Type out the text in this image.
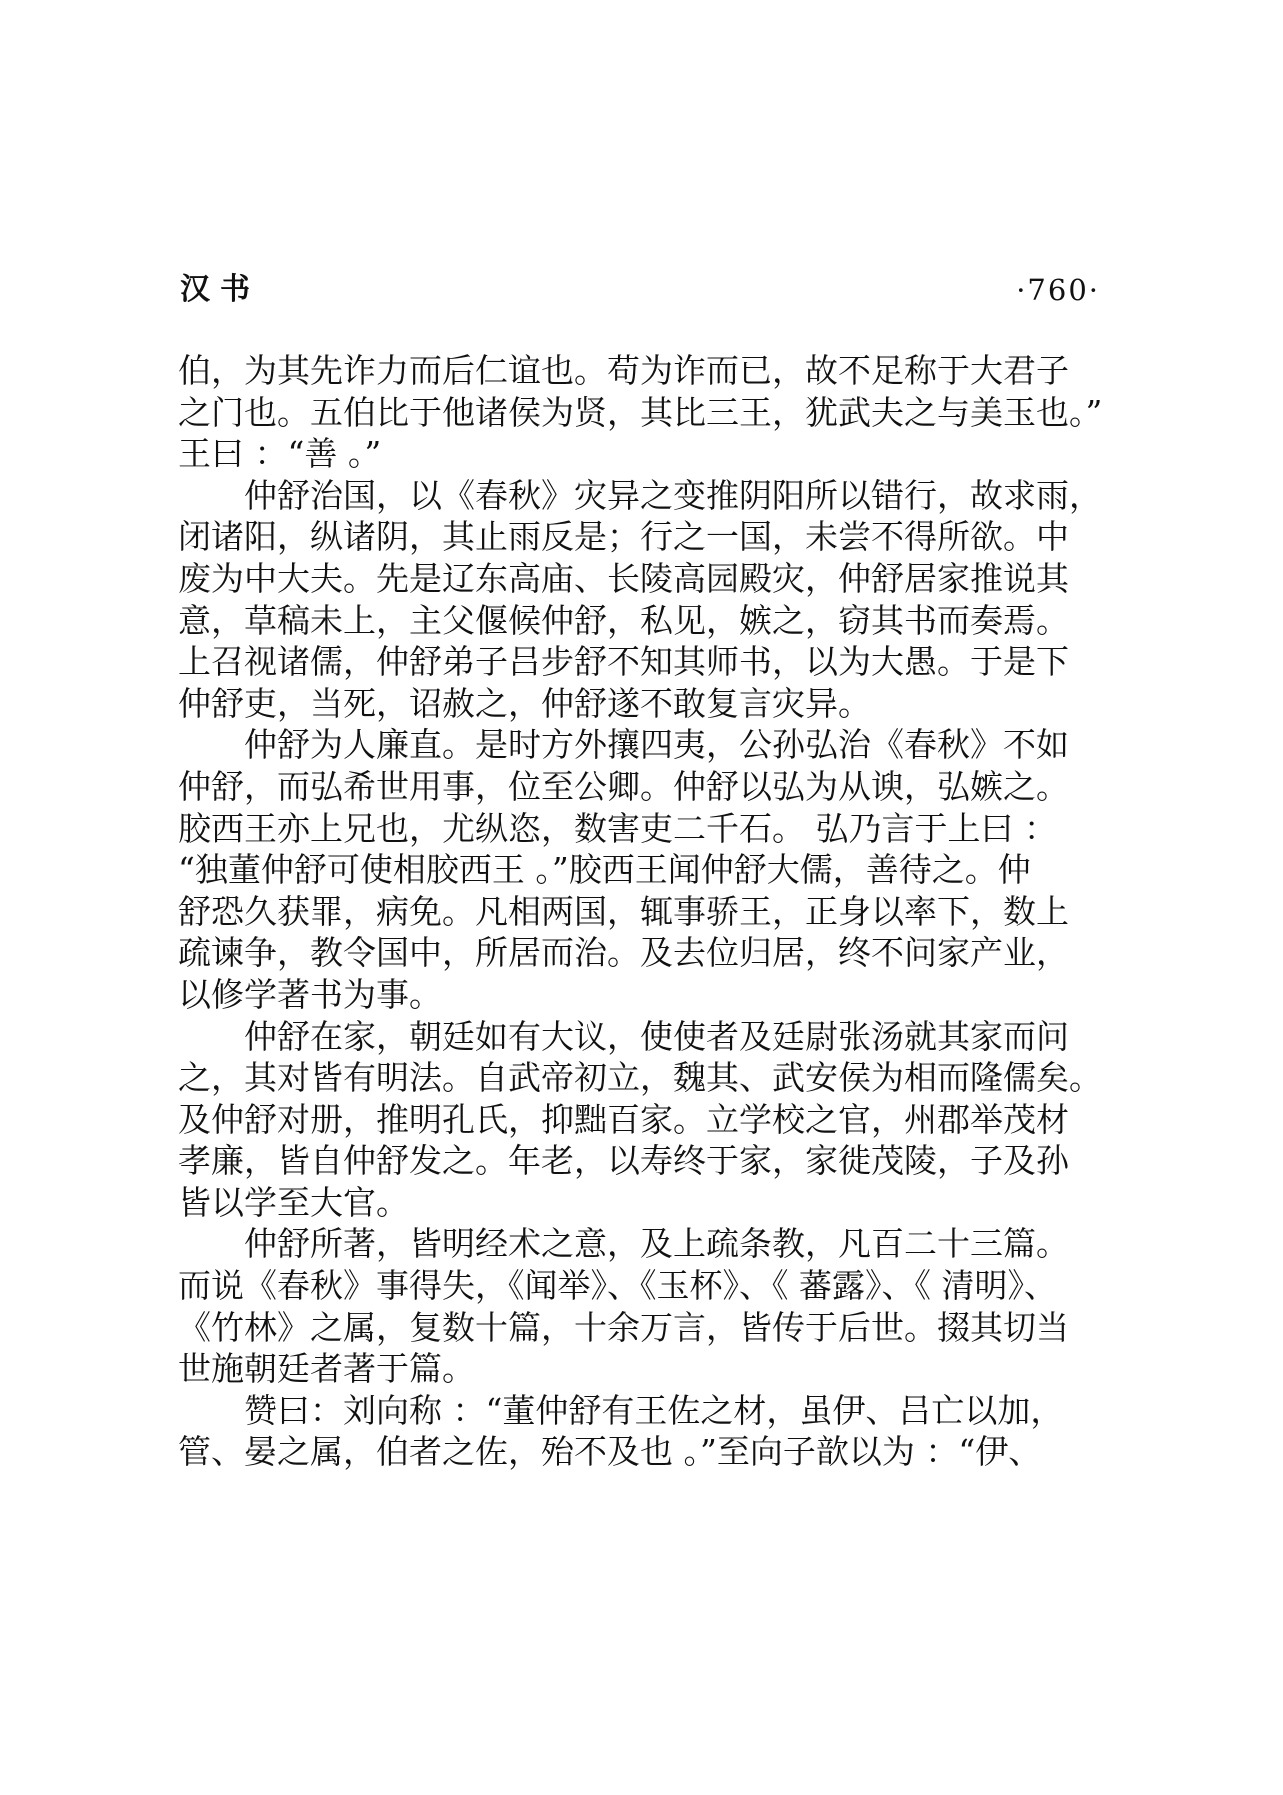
汉书	·760·
伯，为其先诈力而后仁谊也。苟为诈而已，故不足称于大君子
之门也。五伯比于他诸侯为贤，其比三王，犹武夫之与美玉也。”
王曰 ：“善 。”
仲舒治国，以《春秋》灾异之变推阴阳所以错行，故求雨，
闭诸阳，纵诸阴，其止雨反是；行之一国，未尝不得所欲。中
废为中大夫。先是辽东高庙、长陵高园殿灾，仲舒居家推说其
意，草稿未上，主父偃候仲舒，私见，嫉之，窃其书而奏焉。
上召视诸儒，仲舒弟子吕步舒不知其师书，以为大愚。于是下
仲舒吏，当死，诏赦之，仲舒遂不敢复言灾异。
仲舒为人廉直。是时方外攘四夷，公孙弘治《春秋》不如
仲舒，而弘希世用事，位至公卿。仲舒以弘为从谀，弘嫉之。
胶西王亦上兄也，尤纵恣，数害吏二千石。 弘乃言于上曰 ：
“独董仲舒可使相胶西王 。”胶西王闻仲舒大儒，善待之。仲
舒恐久获罪，病免。凡相两国，辄事骄王，正身以率下，数上
疏谏争，教令国中，所居而治。及去位归居，终不问家产业，
以修学著书为事。
仲舒在家，朝廷如有大议，使使者及廷尉张汤就其家而问
之，其对皆有明法。自武帝初立，魏其、武安侯为相而隆儒矣。
及仲舒对册，推明孔氏，抑黜百家。立学校之官，州郡举茂材
孝廉，皆自仲舒发之。年老，以寿终于家，家徙茂陵，子及孙
皆以学至大官。
仲舒所著，皆明经术之意，及上疏条教，凡百二十三篇。
而说《春秋》事得失，《闻举》、《玉杯》、《 蕃露》、《 清明》、
《竹林》之属，复数十篇，十余万言，皆传于后世。掇其切当
世施朝廷者著于篇。
赞曰：刘向称 ：“董仲舒有王佐之材，虽伊、吕亡以加，
管、晏之属，伯者之佐，殆不及也 。”至向子歆以为 ：“伊、
